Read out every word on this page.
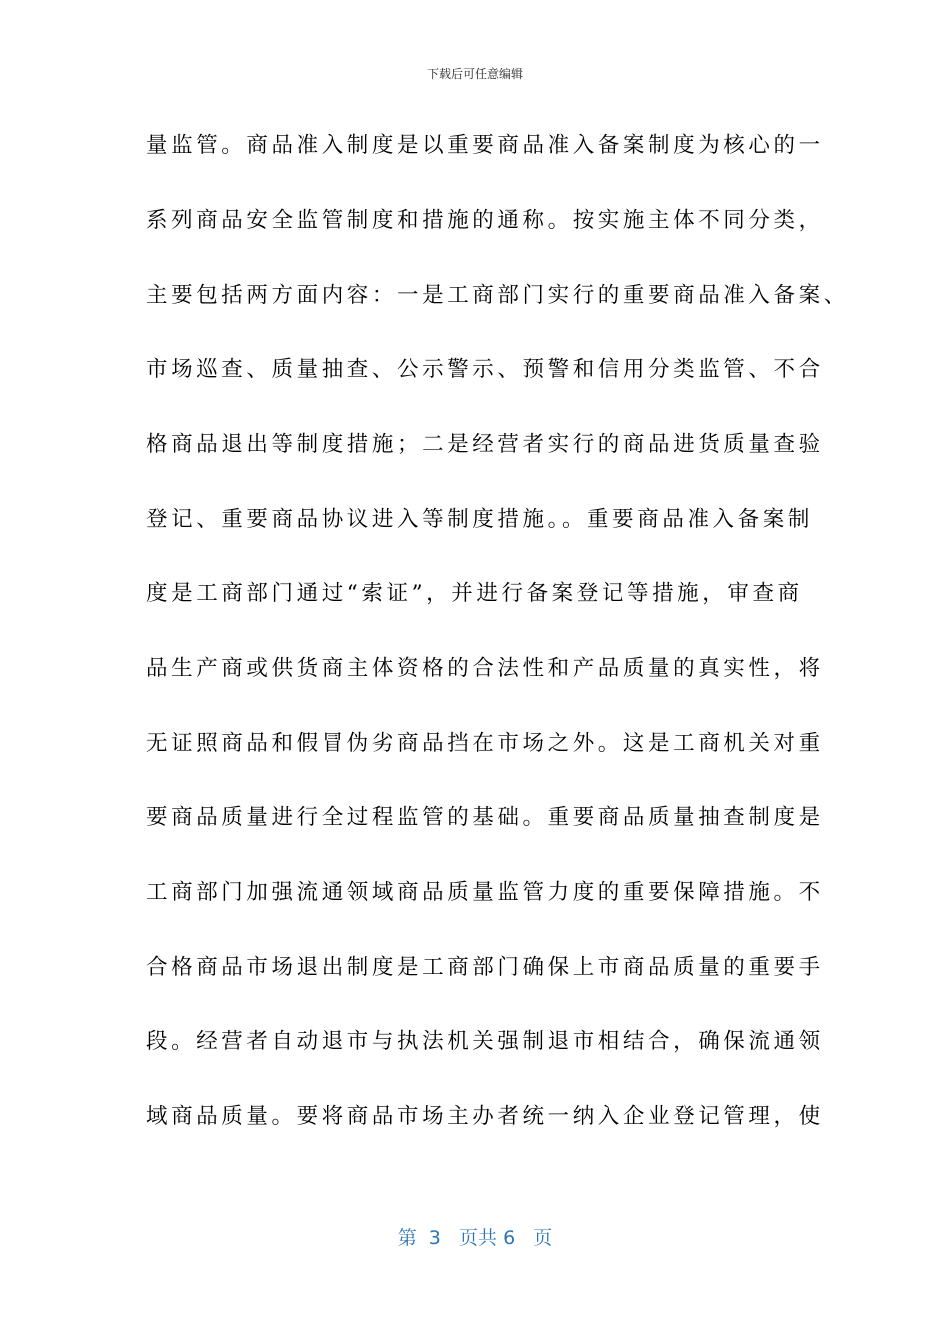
下载后可任意编辑
量监管。商品准入制度是以重要商品准入备案制度为核心的一
系列商品安全监管制度和措施的通称。按实施主体不同分类，
主要包括两方面内容：一是工商部门实行的重要商品准入备案、
市场巡查、质量抽查、公示警示、预警和信用分类监管、不合
格商品退出等制度措施；二是经营者实行的商品进货质量查验
登记、重要商品协议进入等制度措施。。重要商品准入备案制
度是工商部门通过“索证”，并进行备案登记等措施，审查商
品生产商或供货商主体资格的合法性和产品质量的真实性，将
无证照商品和假冒伪劣商品挡在市场之外。这是工商机关对重
要商品质量进行全过程监管的基础。重要商品质量抽查制度是
工商部门加强流通领域商品质量监管力度的重要保障措施。不
合格商品市场退出制度是工商部门确保上市商品质量的重要手
段。经营者自动退市与执法机关强制退市相结合，确保流通领
域商品质量。要将商品市场主办者统一纳入企业登记管理，使
第 3 页共 6 页
